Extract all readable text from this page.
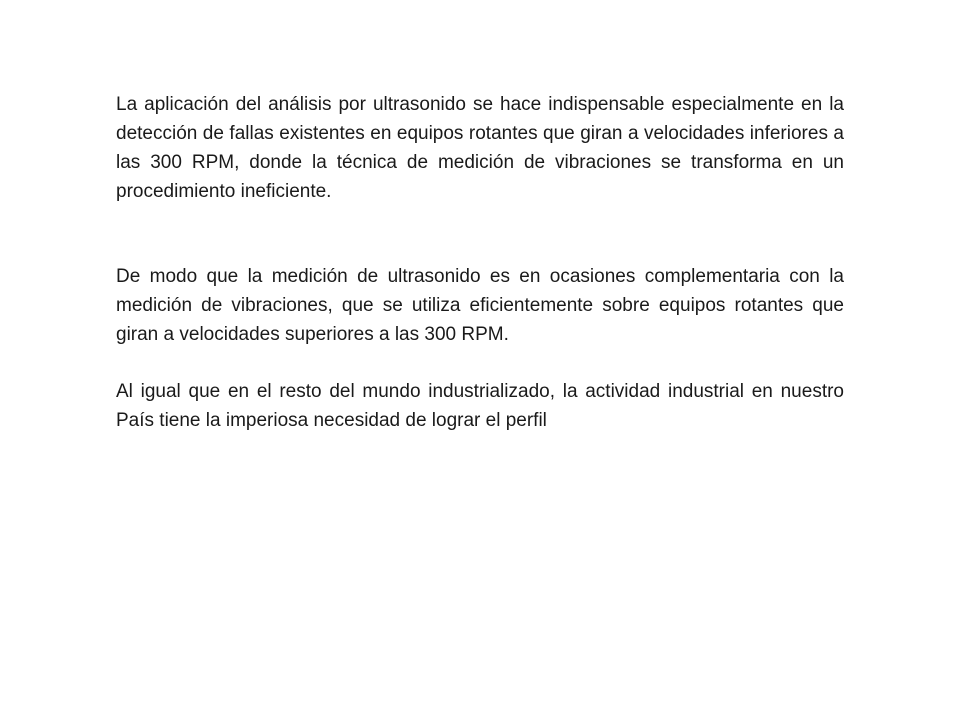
La aplicación del análisis por ultrasonido se hace indispensable especialmente en la detección de fallas existentes en equipos rotantes que giran a velocidades inferiores a las 300 RPM, donde la técnica de medición de vibraciones se transforma en un procedimiento ineficiente.

De modo que la medición de ultrasonido es en ocasiones complementaria con la medición de vibraciones, que se utiliza eficientemente sobre equipos rotantes que giran a velocidades superiores a las 300 RPM.

Al igual que en el resto del mundo industrializado, la actividad industrial en nuestro País tiene la imperiosa necesidad de lograr el perfil
